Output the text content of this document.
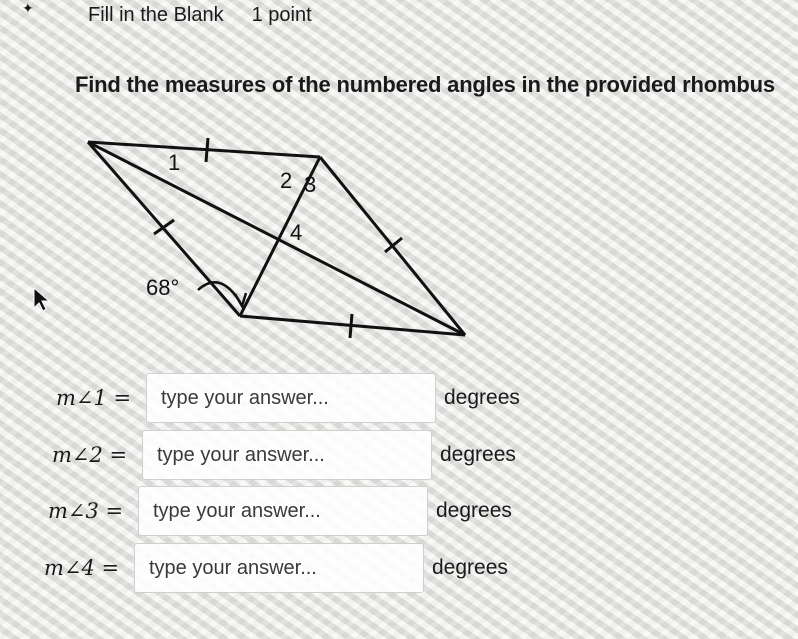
✦	Fill in the Blank 1 point
Find the measures of the numbered angles in the provided rhombus
1
2 3
4
68°
m∠1 =	type your answer...	degrees
m∠2 =	type your answer...	degrees
m∠3 =	type your answer...	degrees
m∠4 =	type your answer...	degrees
